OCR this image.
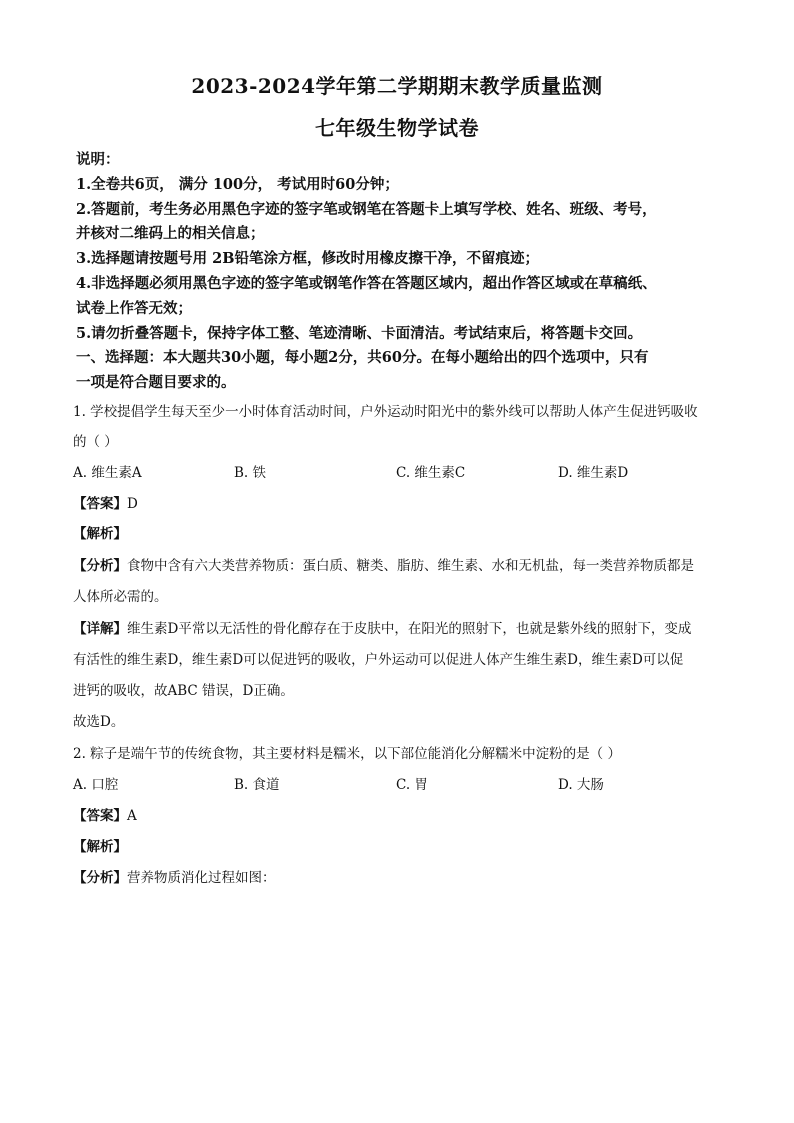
2023-2024学年第二学期期末教学质量监测
七年级生物学试卷
说明：
1.全卷共6页， 满分 100分， 考试用时60分钟；
2.答题前，考生务必用黑色字迹的签字笔或钢笔在答题卡上填写学校、姓名、班级、考号，
并核对二维码上的相关信息；
3.选择题请按题号用 2B铅笔涂方框，修改时用橡皮擦干净，不留痕迹；
4.非选择题必须用黑色字迹的签字笔或钢笔作答在答题区域内，超出作答区域或在草稿纸、
试卷上作答无效；
5.请勿折叠答题卡，保持字体工整、笔迹清晰、卡面清洁。考试结束后，将答题卡交回。
一、选择题：本大题共30小题，每小题2分，共60分。在每小题给出的四个选项中，只有
一项是符合题目要求的。
1. 学校提倡学生每天至少一小时体育活动时间，户外运动时阳光中的紫外线可以帮助人体产生促进钙吸收
的（ ）
A. 维生素A	B. 铁	C. 维生素C	D. 维生素D
【答案】D
【解析】
【分析】食物中含有六大类营养物质：蛋白质、糖类、脂肪、维生素、水和无机盐，每一类营养物质都是
人体所必需的。
【详解】维生素D平常以无活性的骨化醇存在于皮肤中，在阳光的照射下，也就是紫外线的照射下，变成
有活性的维生素D，维生素D可以促进钙的吸收，户外运动可以促进人体产生维生素D，维生素D可以促
进钙的吸收，故ABC 错误，D正确。
故选D。
2. 粽子是端午节的传统食物，其主要材料是糯米，以下部位能消化分解糯米中淀粉的是（ ）
A. 口腔	B. 食道	C. 胃	D. 大肠
【答案】A
【解析】
【分析】营养物质消化过程如图：
